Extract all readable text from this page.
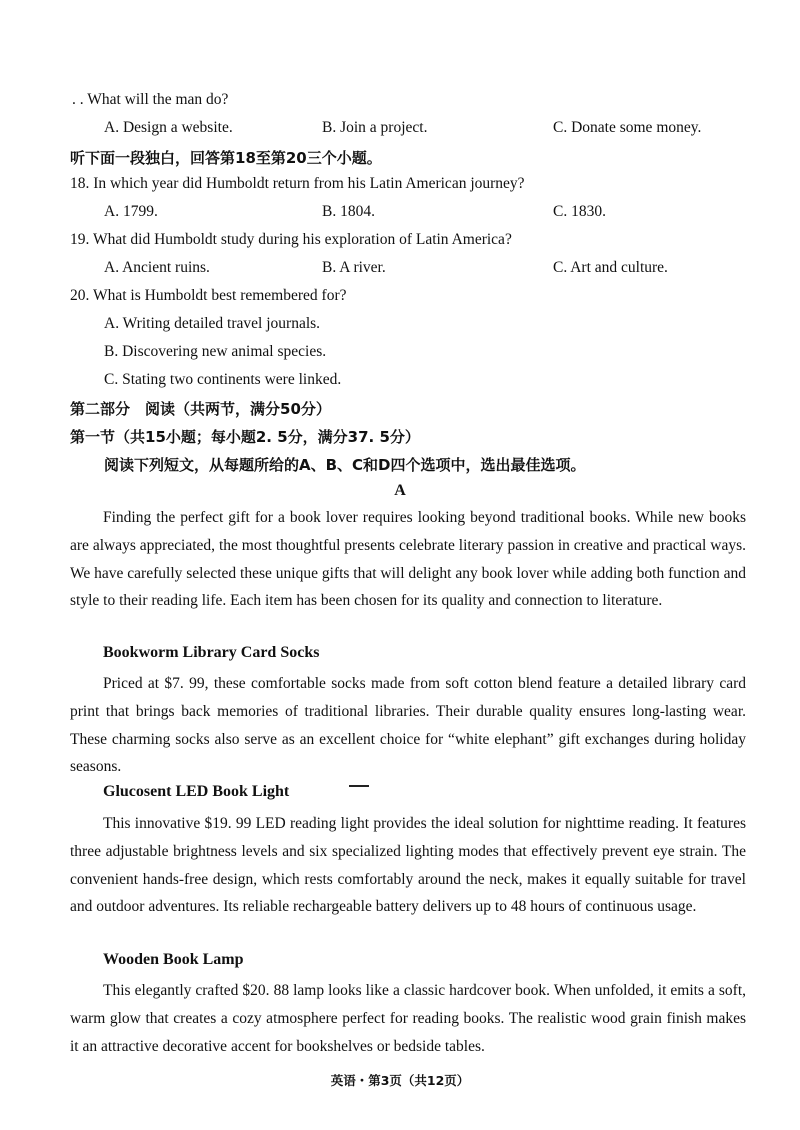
. . What will the man do?
A. Design a website.	B. Join a project.	C. Donate some money.
听下面一段独白，回答第18至第20三个小题。
18. In which year did Humboldt return from his Latin American journey?
A. 1799.	B. 1804.	C. 1830.
19. What did Humboldt study during his exploration of Latin America?
A. Ancient ruins.	B. A river.	C. Art and culture.
20. What is Humboldt best remembered for?
A. Writing detailed travel journals.
B. Discovering new animal species.
C. Stating two continents were linked.
第二部分　阅读（共两节，满分50分）
第一节（共15小题；每小题2. 5分，满分37. 5分）
阅读下列短文，从每题所给的A、B、C和D四个选项中，选出最佳选项。
A

Finding the perfect gift for a book lover requires looking beyond traditional books. While new books are always appreciated, the most thoughtful presents celebrate literary passion in creative and practical ways. We have carefully selected these unique gifts that will delight any book lover while adding both function and style to their reading life. Each item has been chosen for its quality and connection to literature.

Bookworm Library Card Socks

Priced at $7. 99, these comfortable socks made from soft cotton blend feature a detailed library card print that brings back memories of traditional libraries. Their durable quality ensures long-lasting wear. These charming socks also serve as an excellent choice for “white elephant” gift exchanges during holiday seasons.

Glucosent LED Book Light

This innovative $19. 99 LED reading light provides the ideal solution for nighttime reading. It features three adjustable brightness levels and six specialized lighting modes that effectively prevent eye strain. The convenient hands-free design, which rests comfortably around the neck, makes it equally suitable for travel and outdoor adventures. Its reliable rechargeable battery delivers up to 48 hours of continuous usage.

Wooden Book Lamp

This elegantly crafted $20. 88 lamp looks like a classic hardcover book. When unfolded, it emits a soft, warm glow that creates a cozy atmosphere perfect for reading books. The realistic wood grain finish makes it an attractive decorative accent for bookshelves or bedside tables.

英语・第3页（共12页）
